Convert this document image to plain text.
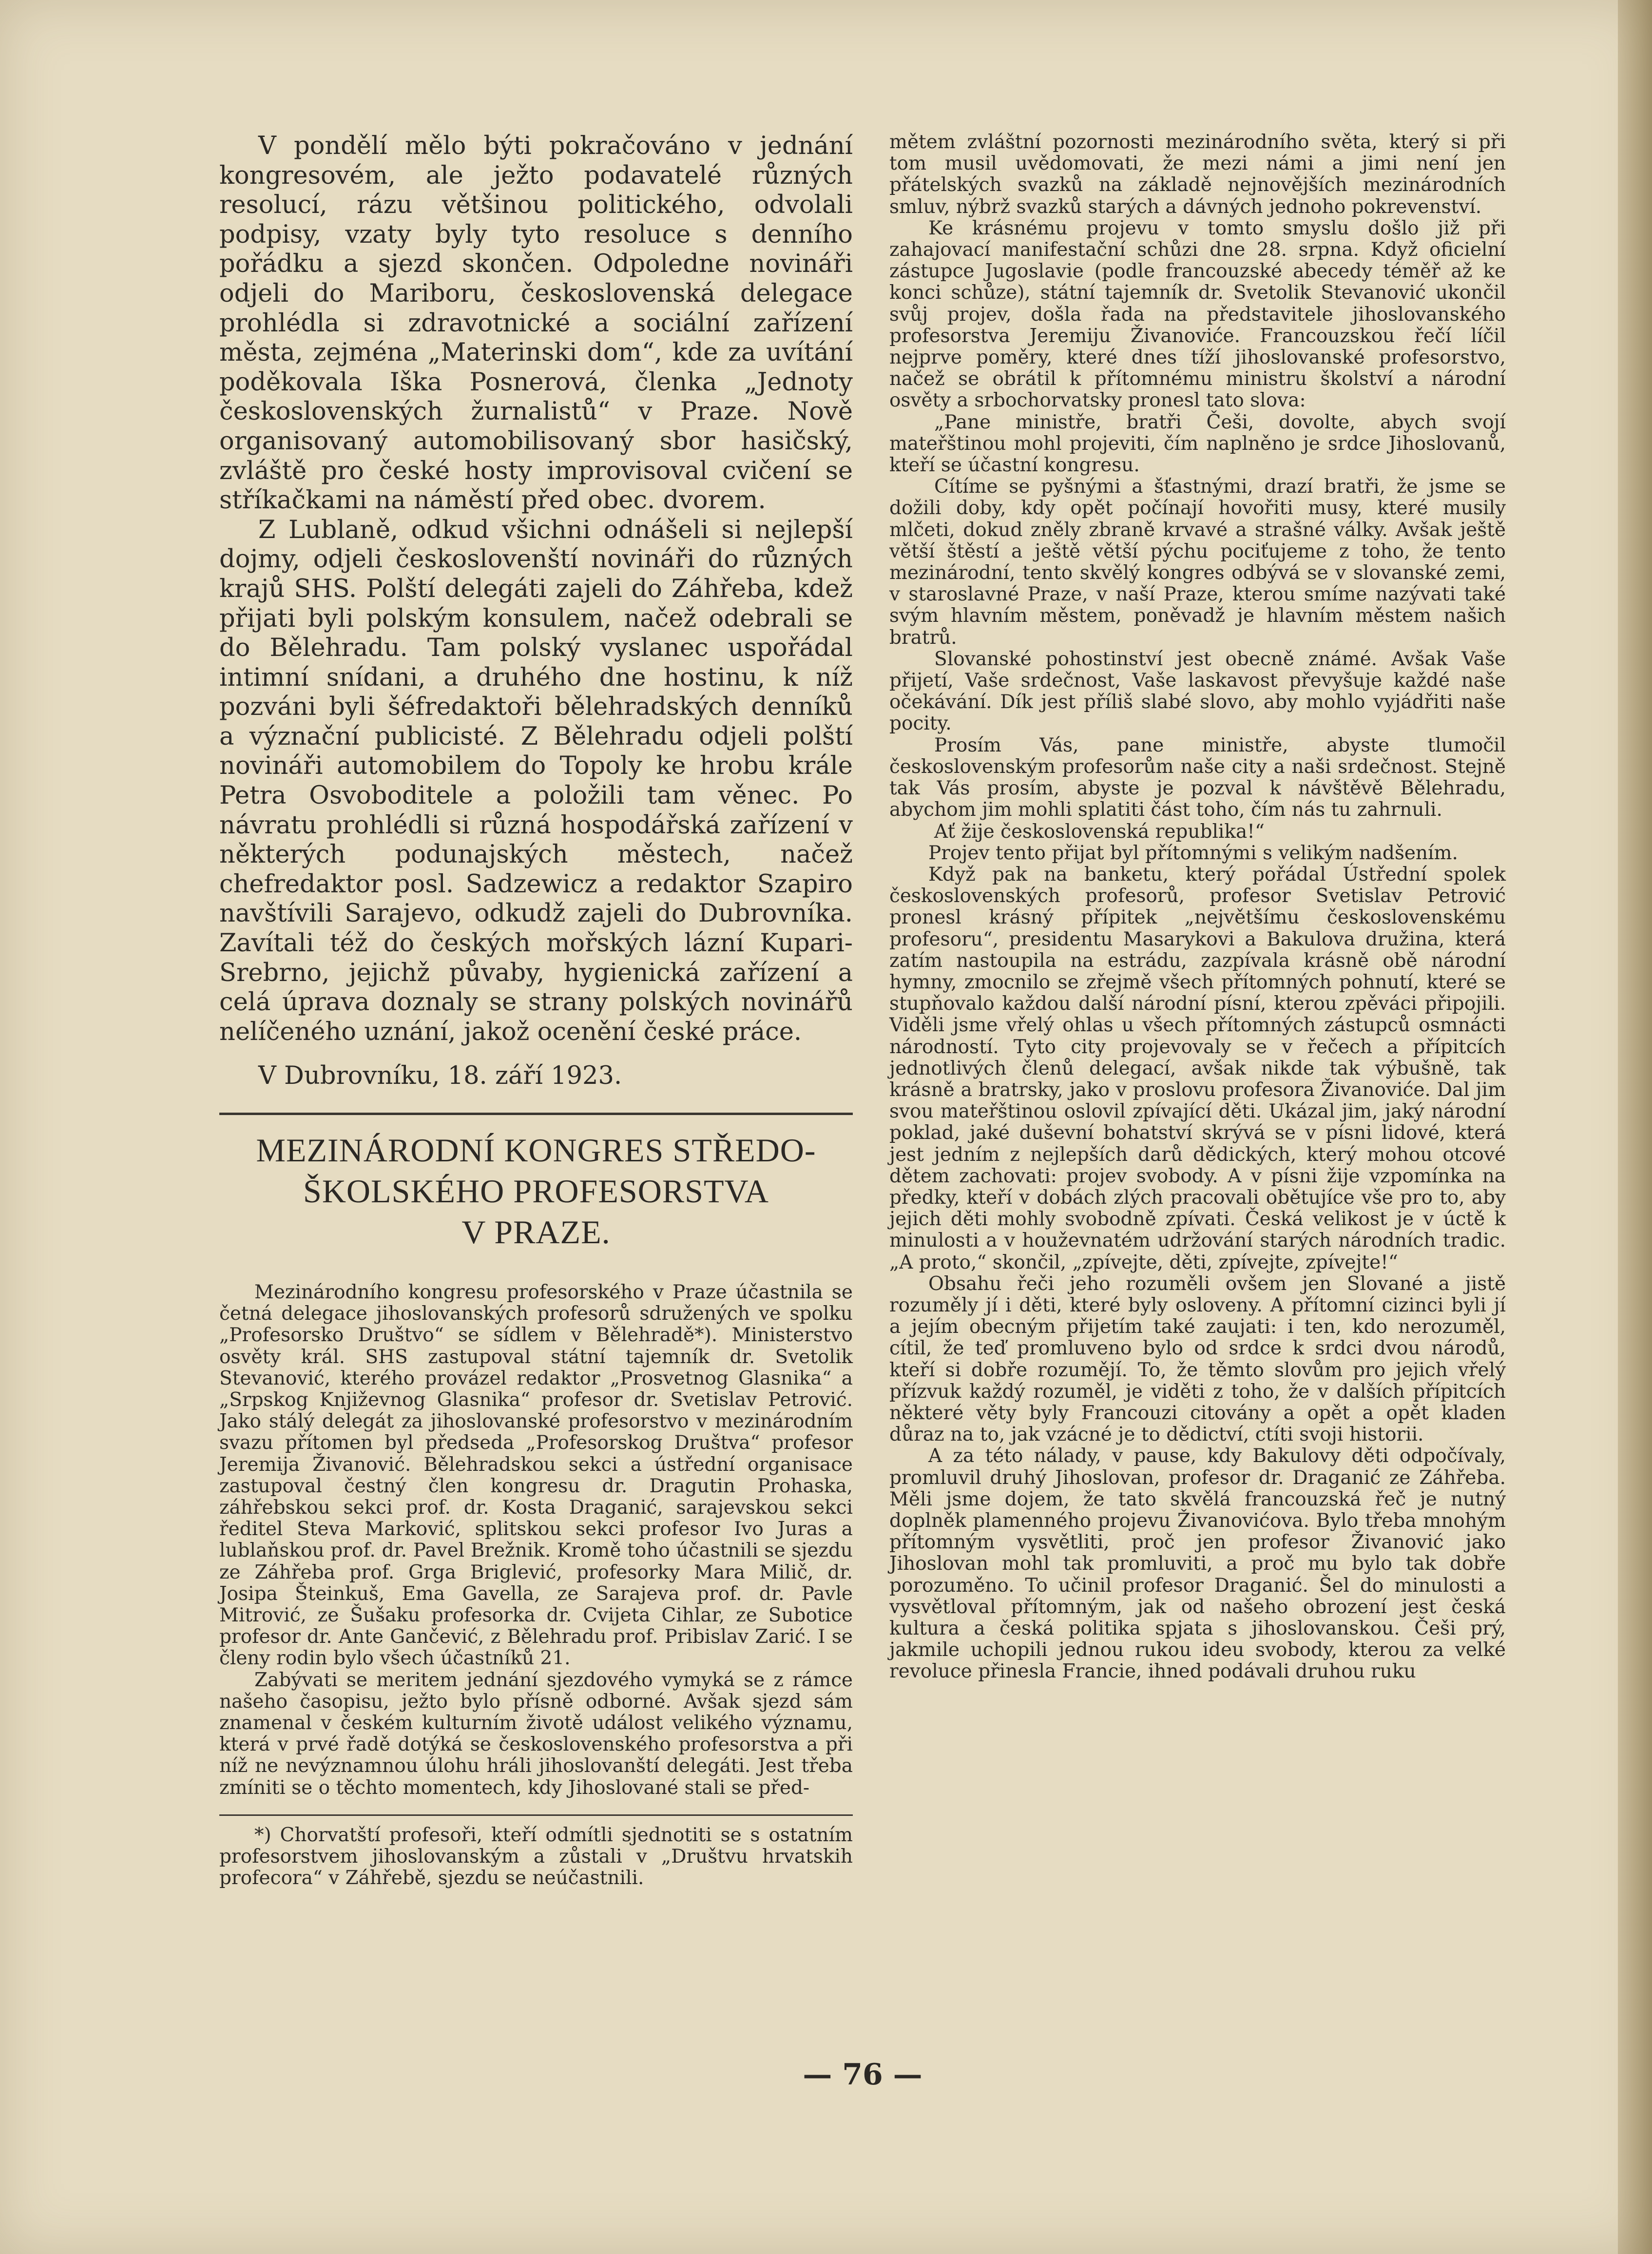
V pondělí mělo býti pokračováno v jednání kongresovém, ale ježto podavatelé různých resolucí, rázu většinou politického, odvolali podpisy, vzaty byly tyto resoluce s denního pořádku a sjezd skončen. Odpoledne novináři odjeli do Mariboru, československá delegace prohlédla si zdravotnické a sociální zařízení města, zejména „Materinski dom“, kde za uvítání poděkovala Iška Posnerová, členka „Jednoty československých žurnalistů“ v Praze. Nově organisovaný automobilisovaný sbor hasičský, zvláště pro české hosty improvisoval cvičení se stříkačkami na náměstí před obec. dvorem.

Z Lublaně, odkud všichni odnášeli si nejlepší dojmy, odjeli českoslovenští novináři do různých krajů SHS. Polští delegáti zajeli do Záhřeba, kdež přijati byli polským konsulem, načež odebrali se do Bělehradu. Tam polský vyslanec uspořádal intimní snídani, a druhého dne hostinu, k níž pozváni byli šéfredaktoři bělehradských denníků a význační publicisté. Z Bělehradu odjeli polští novináři automobilem do Topoly ke hrobu krále Petra Osvoboditele a položili tam věnec. Po návratu prohlédli si různá hospodářská zařízení v některých podunajských městech, načež chefredaktor posl. Sadzewicz a redaktor Szapiro navštívili Sarajevo, odkudž zajeli do Dubrovníka. Zavítali též do českých mořských lázní Kupari-Srebrno, jejichž půvaby, hygienická zařízení a celá úprava doznaly se strany polských novinářů nelíčeného uznání, jakož ocenění české práce.

V Dubrovníku, 18. září 1923.

MEZINÁRODNÍ KONGRES STŘEDO-
ŠKOLSKÉHO PROFESORSTVA
V PRAZE.

Mezinárodního kongresu profesorského v Praze účastnila se četná delegace jihoslovanských profesorů sdružených ve spolku „Profesorsko Društvo“ se sídlem v Bělehradě*). Ministerstvo osvěty král. SHS zastupoval státní tajemník dr. Svetolik Stevanović, kterého provázel redaktor „Prosvetnog Glasnika“ a „Srpskog Književnog Glasnika“ profesor dr. Svetislav Petrović. Jako stálý delegát za jihoslovanské profesorstvo v mezinárodním svazu přítomen byl předseda „Profesorskog Društva“ profesor Jeremija Živanović. Bělehradskou sekci a ústřední organisace zastupoval čestný člen kongresu dr. Dragutin Prohaska, záhřebskou sekci prof. dr. Kosta Draganić, sarajevskou sekci ředitel Steva Marković, splitskou sekci profesor Ivo Juras a lublaňskou prof. dr. Pavel Brežnik. Kromě toho účastnili se sjezdu ze Záhřeba prof. Grga Briglević, profesorky Mara Milič, dr. Josipa Šteinkuš, Ema Gavella, ze Sarajeva prof. dr. Pavle Mitrović, ze Šušaku profesorka dr. Cvijeta Cihlar, ze Subotice profesor dr. Ante Gančević, z Bělehradu prof. Pribislav Zarić. I se členy rodin bylo všech účastníků 21.

Zabývati se meritem jednání sjezdového vymyká se z rámce našeho časopisu, ježto bylo přísně odborné. Avšak sjezd sám znamenal v českém kulturním životě událost velikého významu, která v prvé řadě dotýká se československého profesorstva a při níž ne nevýznamnou úlohu hráli jihoslovanští delegáti. Jest třeba zmíniti se o těchto momentech, kdy Jihoslované stali se před-

*) Chorvatští profesoři, kteří odmítli sjednotiti se s ostatním profesorstvem jihoslovanským a zůstali v „Društvu hrvatskih profecora“ v Záhřebě, sjezdu se neúčastnili.

mětem zvláštní pozornosti mezinárodního světa, který si při tom musil uvědomovati, že mezi námi a jimi není jen přátelských svazků na základě nejnovějších mezinárodních smluv, nýbrž svazků starých a dávných jednoho pokrevenství.

Ke krásnému projevu v tomto smyslu došlo již při zahajovací manifestační schůzi dne 28. srpna. Když oficielní zástupce Jugoslavie (podle francouzské abecedy téměř až ke konci schůze), státní tajemník dr. Svetolik Stevanović ukončil svůj projev, došla řada na představitele jihoslovanského profesorstva Jeremiju Živanoviće. Francouzskou řečí líčil nejprve poměry, které dnes tíží jihoslovanské profesorstvo, načež se obrátil k přítomnému ministru školství a národní osvěty a srbochorvatsky pronesl tato slova:

„Pane ministře, bratři Češi, dovolte, abych svojí mateřštinou mohl projeviti, čím naplněno je srdce Jihoslovanů, kteří se účastní kongresu.

Cítíme se pyšnými a šťastnými, drazí bratři, že jsme se dožili doby, kdy opět počínají hovořiti musy, které musily mlčeti, dokud zněly zbraně krvavé a strašné války. Avšak ještě větší štěstí a ještě větší pýchu pociťujeme z toho, že tento mezinárodní, tento skvělý kongres odbývá se v slovanské zemi, v staroslavné Praze, v naší Praze, kterou smíme nazývati také svým hlavním městem, poněvadž je hlavním městem našich bratrů.

Slovanské pohostinství jest obecně známé. Avšak Vaše přijetí, Vaše srdečnost, Vaše laskavost převyšuje každé naše očekávání. Dík jest příliš slabé slovo, aby mohlo vyjádřiti naše pocity.

Prosím Vás, pane ministře, abyste tlumočil československým profesorům naše city a naši srdečnost. Stejně tak Vás prosím, abyste je pozval k návštěvě Bělehradu, abychom jim mohli splatiti část toho, čím nás tu zahrnuli.

Ať žije československá republika!“

Projev tento přijat byl přítomnými s velikým nadšením.

Když pak na banketu, který pořádal Ústřední spolek československých profesorů, profesor Svetislav Petrović pronesl krásný přípitek „největšímu československému profesoru“, presidentu Masarykovi a Bakulova družina, která zatím nastoupila na estrádu, zazpívala krásně obě národní hymny, zmocnilo se zřejmě všech přítomných pohnutí, které se stupňovalo každou další národní písní, kterou zpěváci připojili. Viděli jsme vřelý ohlas u všech přítomných zástupců osmnácti národností. Tyto city projevovaly se v řečech a přípitcích jednotlivých členů delegací, avšak nikde tak výbušně, tak krásně a bratrsky, jako v proslovu profesora Živanoviće. Dal jim svou mateřštinou oslovil zpívající děti. Ukázal jim, jaký národní poklad, jaké duševní bohatství skrývá se v písni lidové, která jest jedním z nejlepších darů dědických, který mohou otcové dětem zachovati: projev svobody. A v písni žije vzpomínka na předky, kteří v dobách zlých pracovali obětujíce vše pro to, aby jejich děti mohly svobodně zpívati. Česká velikost je v úctě k minulosti a v houževnatém udržování starých národních tradic. „A proto,“ skončil, „zpívejte, děti, zpívejte, zpívejte!“

Obsahu řeči jeho rozuměli ovšem jen Slované a jistě rozuměly jí i děti, které byly osloveny. A přítomní cizinci byli jí a jejím obecným přijetím také zaujati: i ten, kdo nerozuměl, cítil, že teď promluveno bylo od srdce k srdci dvou národů, kteří si dobře rozumějí. To, že těmto slovům pro jejich vřelý přízvuk každý rozuměl, je viděti z toho, že v dalších přípitcích některé věty byly Francouzi citovány a opět a opět kladen důraz na to, jak vzácné je to dědictví, ctíti svoji historii.

A za této nálady, v pause, kdy Bakulovy děti odpočívaly, promluvil druhý Jihoslovan, profesor dr. Draganić ze Záhřeba. Měli jsme dojem, že tato skvělá francouzská řeč je nutný doplněk plamenného projevu Živanovićova. Bylo třeba mnohým přítomným vysvětliti, proč jen profesor Živanović jako Jihoslovan mohl tak promluviti, a proč mu bylo tak dobře porozuměno. To učinil profesor Draganić. Šel do minulosti a vysvětloval přítomným, jak od našeho obrození jest česká kultura a česká politika spjata s jihoslovanskou. Češi prý, jakmile uchopili jednou rukou ideu svobody, kterou za velké revoluce přinesla Francie, ihned podávali druhou ruku

— 76 —
